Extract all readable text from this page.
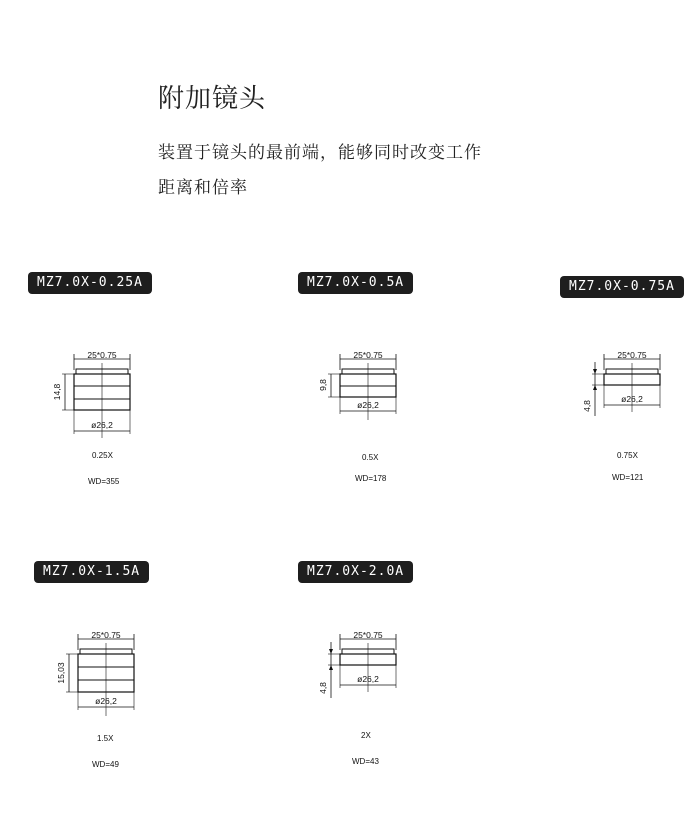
附加镜头
装置于镜头的最前端，能够同时改变工作
距离和倍率
MZ7.0X-0.25A
25*0.75
14,8
ø26,2
0.25X
WD=355
MZ7.0X-0.5A
25*0.75
9,8
ø26,2
0.5X
WD=178
MZ7.0X-0.75A
25*0.75
4,8
ø26,2
0.75X
WD=121
MZ7.0X-1.5A
25*0.75
15,03
ø26,2
1.5X
WD=49
MZ7.0X-2.0A
25*0.75
4,8
ø26,2
2X
WD=43
